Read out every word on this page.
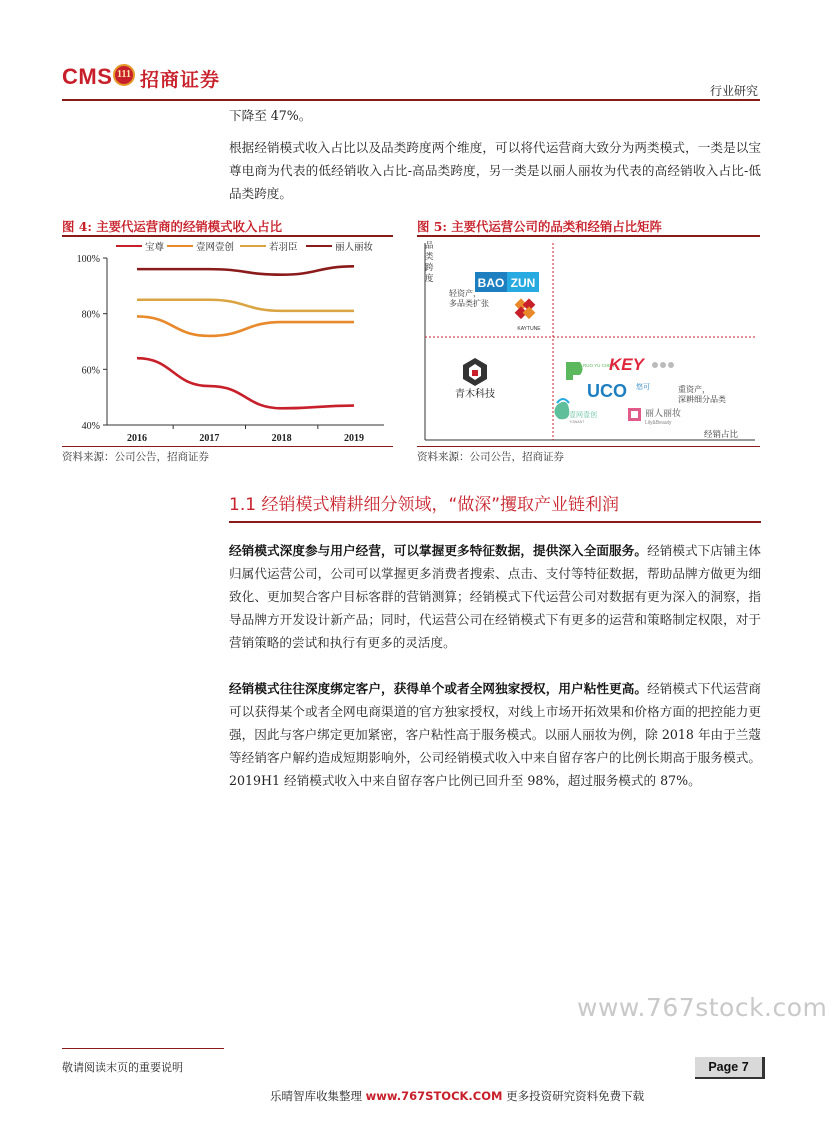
CMS 111 招商证券	行业研究
下降至 47%。
根据经销模式收入占比以及品类跨度两个维度，可以将代运营商大致分为两类模式，一类是以宝尊电商为代表的低经销收入占比-高品类跨度，另一类是以丽人丽妆为代表的高经销收入占比-低品类跨度。
图 4: 主要代运营商的经销模式收入占比
宝尊	壹网壹创	若羽臣	丽人丽妆
40%
60%
80%
100%
2016	2017	2018	2019
资料来源：公司公告，招商证券
图 5: 主要代运营公司的品类和经销占比矩阵
BAO ZUN
KAYTUNE
青木科技
RUO YU CHEN
KEY
UCO 悠可
壹网壹创
YOWANT
丽人丽妆
Lily&Beauty
品类跨度
轻资产，
多品类扩张
重资产，
深耕细分品类
经销占比
资料来源：公司公告，招商证券
1.1 经销模式精耕细分领域，“做深”攫取产业链利润
经销模式深度参与用户经营，可以掌握更多特征数据，提供深入全面服务。经销模式下店铺主体归属代运营公司，公司可以掌握更多消费者搜索、点击、支付等特征数据，帮助品牌方做更为细致化、更加契合客户目标客群的营销测算；经销模式下代运营公司对数据有更为深入的洞察，指导品牌方开发设计新产品；同时，代运营公司在经销模式下有更多的运营和策略制定权限，对于营销策略的尝试和执行有更多的灵活度。
经销模式往往深度绑定客户，获得单个或者全网独家授权，用户粘性更高。经销模式下代运营商可以获得某个或者全网电商渠道的官方独家授权，对线上市场开拓效果和价格方面的把控能力更强，因此与客户绑定更加紧密，客户粘性高于服务模式。以丽人丽妆为例，除 2018 年由于兰蔻等经销客户解约造成短期影响外，公司经销模式收入中来自留存客户的比例长期高于服务模式。2019H1 经销模式收入中来自留存客户比例已回升至 98%，超过服务模式的 87%。
www.767stock.com
敬请阅读末页的重要说明	Page 7
乐晴智库收集整理 www.767STOCK.COM 更多投资研究资料免费下载
